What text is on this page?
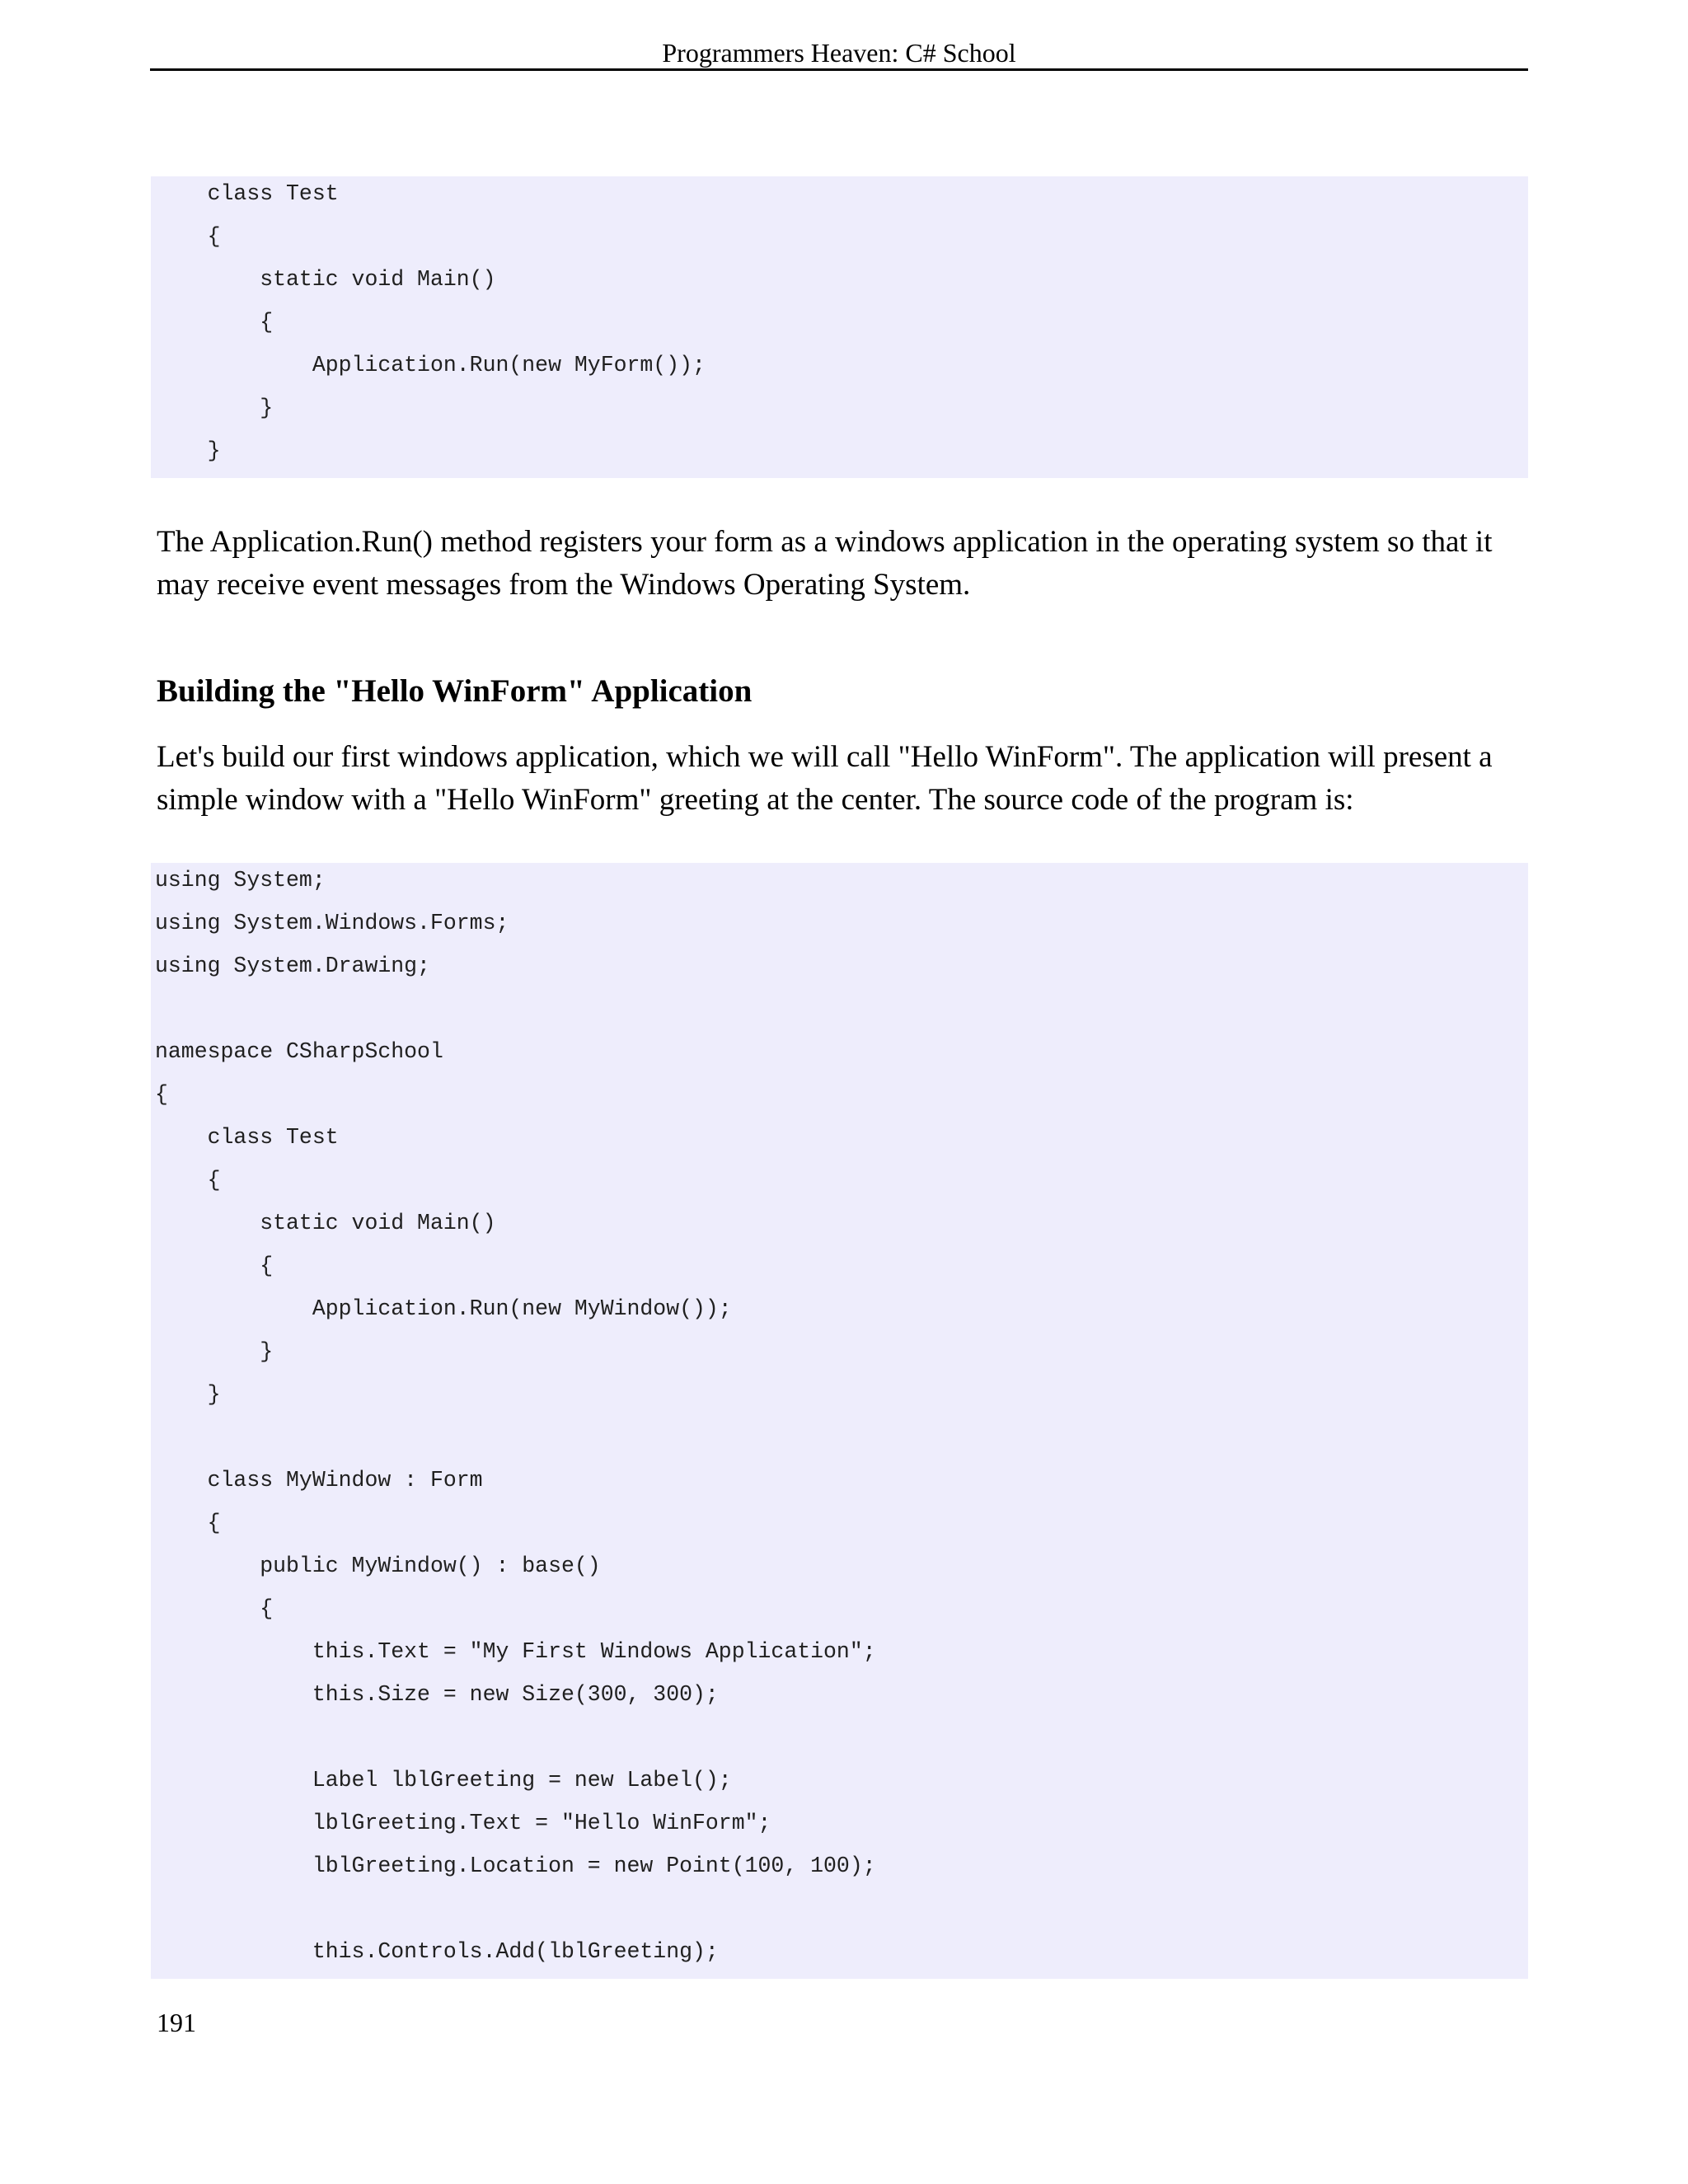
Programmers Heaven: C# School
class Test
{
static void Main()
{
Application.Run(new MyForm());
}
}

The Application.Run() method registers your form as a windows application in the operating system so that it may receive event messages from the Windows Operating System.

Building the "Hello WinForm" Application

Let's build our first windows application, which we will call "Hello WinForm". The application will present a simple window with a "Hello WinForm" greeting at the center. The source code of the program is:

using System;
using System.Windows.Forms;
using System.Drawing;
namespace CSharpSchool
{
class Test
{
static void Main()
{
Application.Run(new MyWindow());
}
}
class MyWindow : Form
{
public MyWindow() : base()
{
this.Text = "My First Windows Application";
this.Size = new Size(300, 300);
Label lblGreeting = new Label();
lblGreeting.Text = "Hello WinForm";
lblGreeting.Location = new Point(100, 100);
this.Controls.Add(lblGreeting);
191
